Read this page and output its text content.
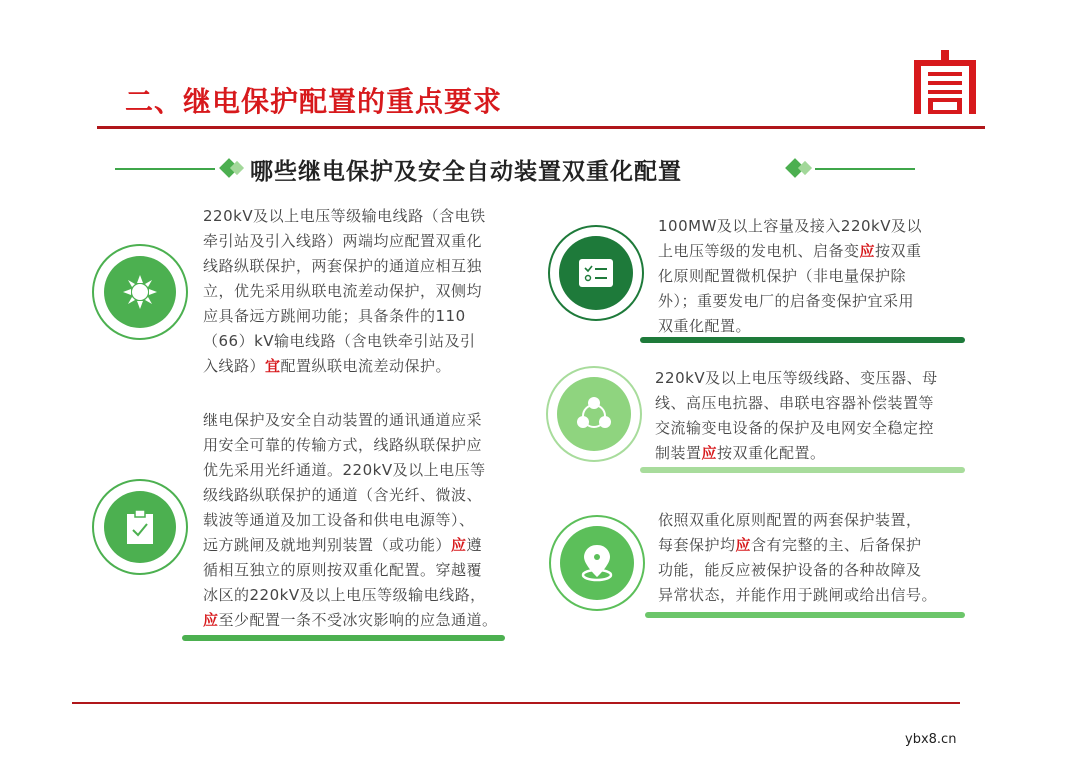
二、继电保护配置的重点要求
哪些继电保护及安全自动装置双重化配置
220kV及以上电压等级输电线路（含电铁
牵引站及引入线路）两端均应配置双重化
线路纵联保护，两套保护的通道应相互独
立，优先采用纵联电流差动保护，双侧均
应具备远方跳闸功能；具备条件的110
（66）kV输电线路（含电铁牵引站及引
入线路）宜配置纵联电流差动保护。
继电保护及安全自动装置的通讯通道应采
用安全可靠的传输方式，线路纵联保护应
优先采用光纤通道。220kV及以上电压等
级线路纵联保护的通道（含光纤、微波、
载波等通道及加工设备和供电电源等）、
远方跳闸及就地判别装置（或功能）应遵
循相互独立的原则按双重化配置。穿越覆
冰区的220kV及以上电压等级输电线路，
应至少配置一条不受冰灾影响的应急通道。
100MW及以上容量及接入220kV及以
上电压等级的发电机、启备变应按双重
化原则配置微机保护（非电量保护除
外）；重要发电厂的启备变保护宜采用
双重化配置。
220kV及以上电压等级线路、变压器、母
线、高压电抗器、串联电容器补偿装置等
交流输变电设备的保护及电网安全稳定控
制装置应按双重化配置。
依照双重化原则配置的两套保护装置，
每套保护均应含有完整的主、后备保护
功能，能反应被保护设备的各种故障及
异常状态，并能作用于跳闸或给出信号。
ybx8.cn
